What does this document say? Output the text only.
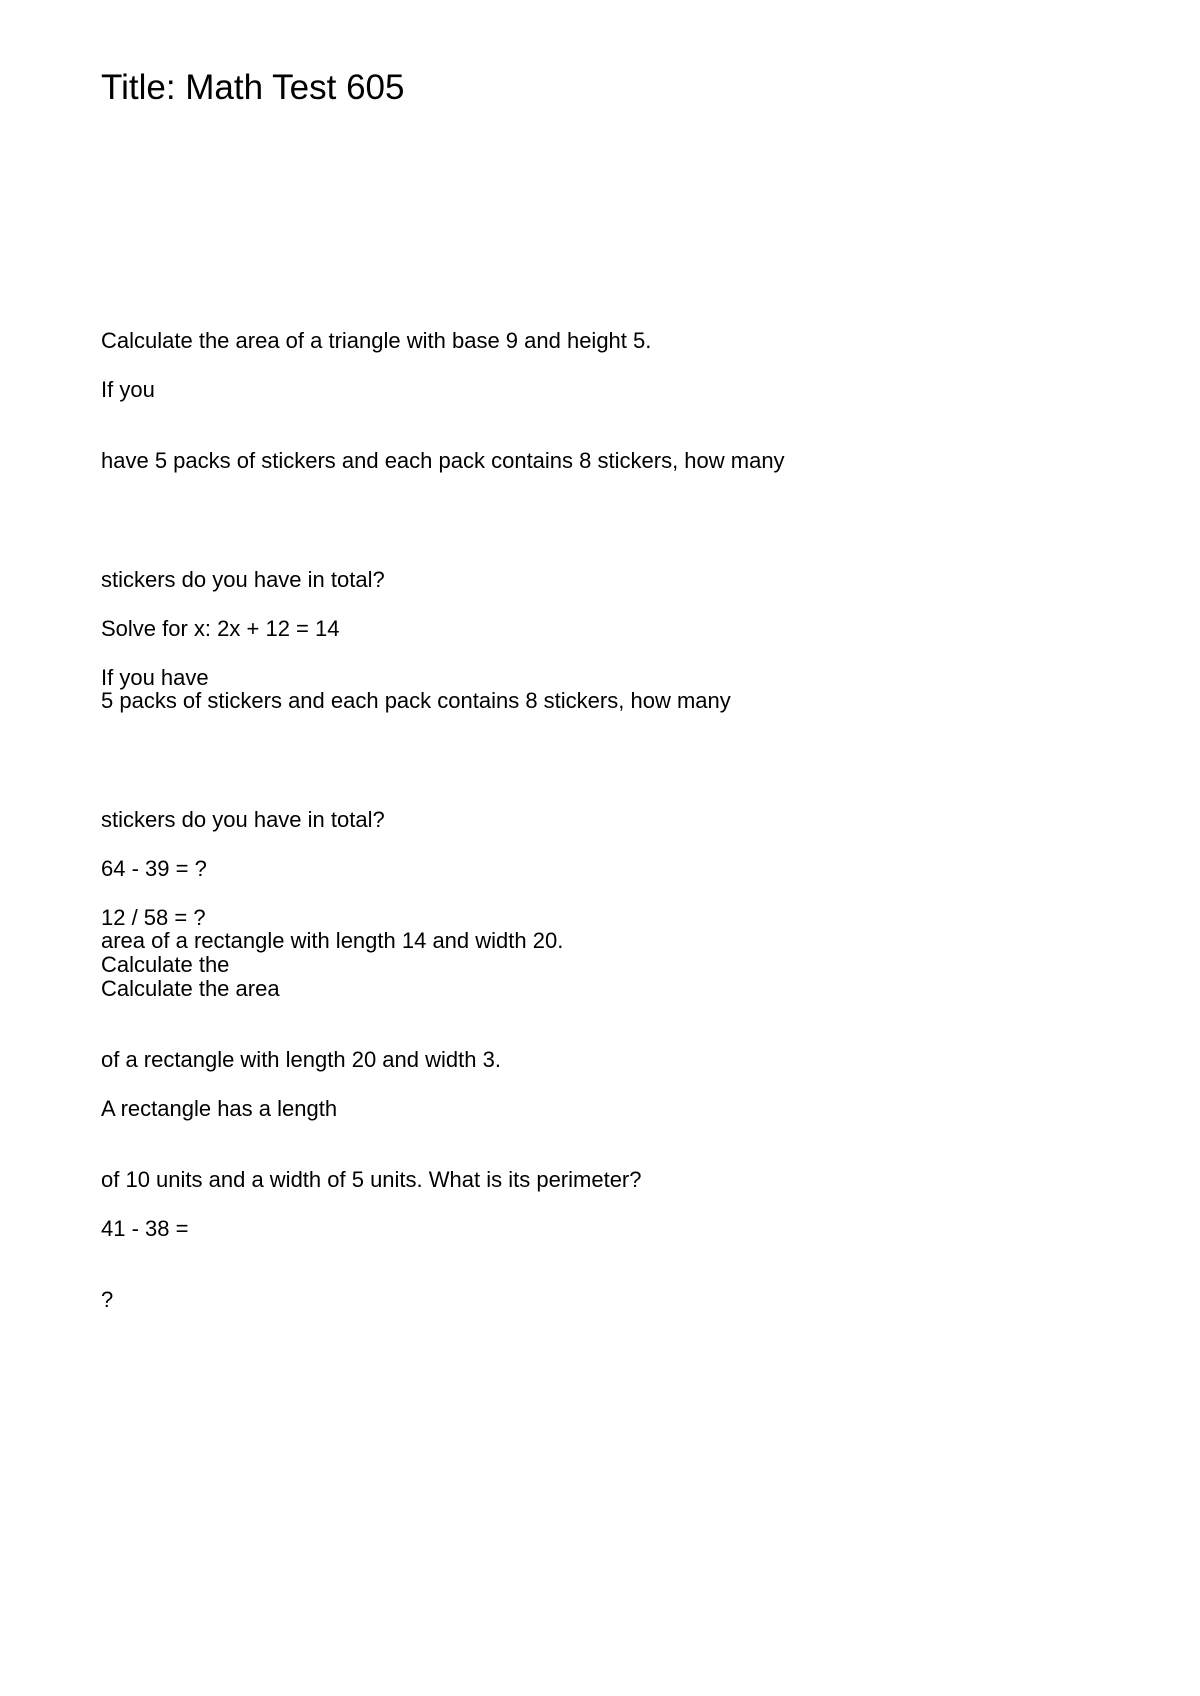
Title: Math Test 605
Calculate the area of a triangle with base 9 and height 5.
If you
have 5 packs of stickers and each pack contains 8 stickers, how many
stickers do you have in total?
Solve for x: 2x + 12 = 14
If you have
5 packs of stickers and each pack contains 8 stickers, how many
stickers do you have in total?
64 - 39 = ?
12 / 58 = ?
area of a rectangle with length 14 and width 20.
Calculate the
Calculate the area
of a rectangle with length 20 and width 3.
A rectangle has a length
of 10 units and a width of 5 units. What is its perimeter?
41 - 38 =
?
